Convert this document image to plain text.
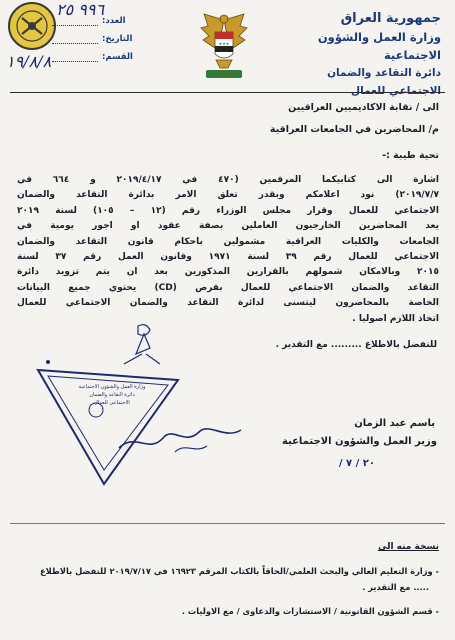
جمهورية العراق
وزارة العمل والشؤون الاجتماعية
دائرة التقاعد والضمان الاجتماعي للعمال
★★★
الله اكبر
العدد:
التاريخ:
القسم:
٩٩٦ ٢٥
١٩/٨/٨
الى / نقابة الاكاديميين العراقيين
م/ المحاضرين في الجامعات العراقية
تحية طيبة :-
اشارة الى كتابيكما المرقمين (٤٧٠ في ٢٠١٩/٤/١٧ و ٦٦٤ في
٢٠١٩/٧/٧) نود اعلامكم وبقدر تعلق الامر بدائرة التقاعد والضمان
الاجتماعي للعمال وقرار مجلس الوزراء رقم (١٢ – ١٠٥) لسنة ٢٠١٩
يعد المحاضرين الخارجيون العاملين بصفة عقود او اجور يومية في
الجامعات والكليات العراقية مشمولين باحكام قانون التقاعد والضمان
الاجتماعي للعمال رقم ٣٩ لسنة ١٩٧١ وقانون العمل رقم ٣٧ لسنة
٢٠١٥ وبالامكان شمولهم بالقرارين المذكورين بعد ان يتم تزويد دائرة
التقاعد والضمان الاجتماعي للعمال بقرص (CD) يحتوي جميع البيانات
الخاصة بالمحاضرون ليتسنى لدائرة التقاعد والضمان الاجتماعي للعمال
اتخاذ اللازم اصوليا .
للتفضل بالاطلاع ......... مع التقدير .
وزارة العمل والشؤون الاجتماعية
دائرة التقاعد والضمان
الاجتماعي للعمال
باسم عبد الزمان
وزير العمل والشؤون الاجتماعية
٢٠ / ٧ /
نسخة منه الى
- وزارة التعليم العالي والبحث العلمي/الحاقاً بالكتاب المرقم ١٦٩٢٣ في ٢٠١٩/٧/١٧ للتفضل بالاطلاع
..... مع التقدير .
- قسم الشؤون القانونية / الاستشارات والدعاوى / مع الاوليات .
